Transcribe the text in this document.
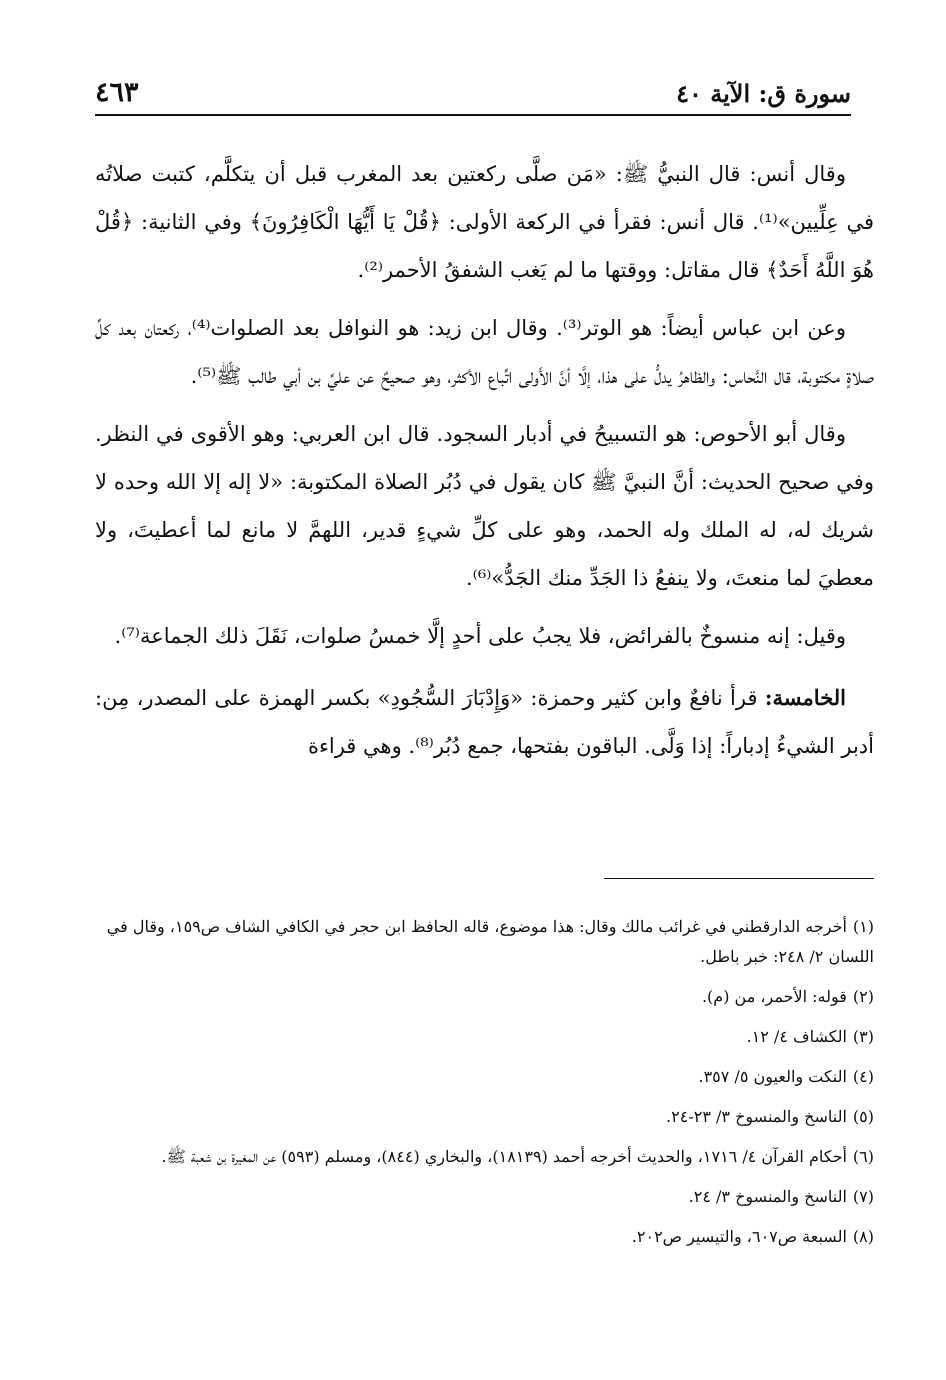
سورة ق: الآية ٤٠
٤٦٣

وقال أنس: قال النبيُّ ﷺ: «مَن صلَّى ركعتين بعد المغرب قبل أن يتكلَّم، كتبت صلاتُه في عِلِّيين»⁽¹⁾. قال أنس: فقرأ في الركعة الأولى: ﴿قُلْ يَا أَيُّهَا الْكَافِرُونَ﴾ وفي الثانية: ﴿قُلْ هُوَ اللَّهُ أَحَدٌ﴾ قال مقاتل: ووقتها ما لم يَغب الشفقُ الأحمر⁽²⁾.

وعن ابن عباس أيضاً: هو الوتر⁽³⁾. وقال ابن زيد: هو النوافل بعد الصلوات⁽⁴⁾، ركعتان بعد كلِّ صلاةٍ مكتوبة، قال النَّحاس: والظاهرُ يدلُّ على هذا، إلَّا أنَّ الأَولى اتِّباع الأكثر، وهو صحيحٌ عن عليِّ بن أبي طالب ﷺ⁽⁵⁾.

وقال أبو الأحوص: هو التسبيحُ في أدبار السجود. قال ابن العربي: وهو الأقوى في النظر. وفي صحيح الحديث: أنَّ النبيَّ ﷺ كان يقول في دُبُر الصلاة المكتوبة: «لا إله إلا الله وحده لا شريك له، له الملك وله الحمد، وهو على كلِّ شيءٍ قدير، اللهمَّ لا مانع لما أعطيتَ، ولا معطيَ لما منعتَ، ولا ينفعُ ذا الجَدِّ منك الجَدُّ»⁽⁶⁾.

وقيل: إنه منسوخٌ بالفرائض، فلا يجبُ على أحدٍ إلَّا خمسُ صلوات، نَقَلَ ذلك الجماعة⁽⁷⁾.

الخامسة: قرأ نافعٌ وابن كثير وحمزة: «وَإِدْبَارَ السُّجُودِ» بكسر الهمزة على المصدر، مِن: أدبر الشيءُ إدباراً: إذا وَلَّى. الباقون بفتحها، جمع دُبُر⁽⁸⁾. وهي قراءة

(١)أخرجه الدارقطني في غرائب مالك وقال: هذا موضوع، قاله الحافظ ابن حجر في الكافي الشاف ص١٥٩، وقال في اللسان ٢/ ٢٤٨: خبر باطل.
(٢)قوله: الأحمر، من (م).
(٣)الكشاف ٤/ ١٢.
(٤)النكت والعيون ٥/ ٣٥٧.
(٥)الناسخ والمنسوخ ٣/ ٢٣-٢٤.
(٦)أحكام القرآن ٤/ ١٧١٦، والحديث أخرجه أحمد (١٨١٣٩)، والبخاري (٨٤٤)، ومسلم (٥٩٣) عن المغيرة بن شعبة ﷺ.
(٧)الناسخ والمنسوخ ٣/ ٢٤.
(٨)السبعة ص٦٠٧، والتيسير ص٢٠٢.
